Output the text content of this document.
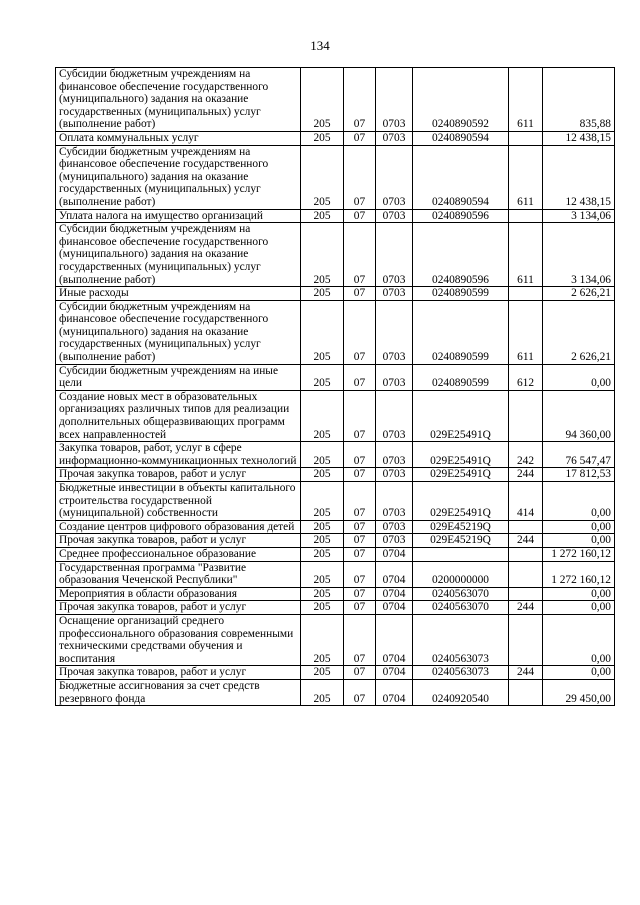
134
Субсидии бюджетным учреждениям на финансовое обеспечение государственного (муниципального) задания на оказание государственных (муниципальных) услуг (выполнение работ)	205	07	0703	0240890592	611	835,88
Оплата коммунальных услуг	205	07	0703	0240890594		12 438,15
Субсидии бюджетным учреждениям на финансовое обеспечение государственного (муниципального) задания на оказание государственных (муниципальных) услуг (выполнение работ)	205	07	0703	0240890594	611	12 438,15
Уплата налога на имущество организаций	205	07	0703	0240890596		3 134,06
Субсидии бюджетным учреждениям на финансовое обеспечение государственного (муниципального) задания на оказание государственных (муниципальных) услуг (выполнение работ)	205	07	0703	0240890596	611	3 134,06
Иные расходы	205	07	0703	0240890599		2 626,21
Субсидии бюджетным учреждениям на финансовое обеспечение государственного (муниципального) задания на оказание государственных (муниципальных) услуг (выполнение работ)	205	07	0703	0240890599	611	2 626,21
Субсидии бюджетным учреждениям на иные цели	205	07	0703	0240890599	612	0,00
Создание новых мест в образовательных организациях различных типов для реализации дополнительных общеразвивающих программ всех направленностей	205	07	0703	029E25491Q		94 360,00
Закупка товаров, работ, услуг в сфере информационно-коммуникационных технологий	205	07	0703	029E25491Q	242	76 547,47
Прочая закупка товаров, работ и услуг	205	07	0703	029E25491Q	244	17 812,53
Бюджетные инвестиции в объекты капитального строительства государственной (муниципальной) собственности	205	07	0703	029E25491Q	414	0,00
Создание центров цифрового образования детей	205	07	0703	029E45219Q		0,00
Прочая закупка товаров, работ и услуг	205	07	0703	029E45219Q	244	0,00
Среднее профессиональное образование	205	07	0704			1 272 160,12
Государственная программа "Развитие образования Чеченской Республики"	205	07	0704	0200000000		1 272 160,12
Мероприятия в области образования	205	07	0704	0240563070		0,00
Прочая закупка товаров, работ и услуг	205	07	0704	0240563070	244	0,00
Оснащение организаций среднего профессионального образования современными техническими средствами обучения и воспитания	205	07	0704	0240563073		0,00
Прочая закупка товаров, работ и услуг	205	07	0704	0240563073	244	0,00
Бюджетные ассигнования за счет средств резервного фонда	205	07	0704	0240920540		29 450,00
